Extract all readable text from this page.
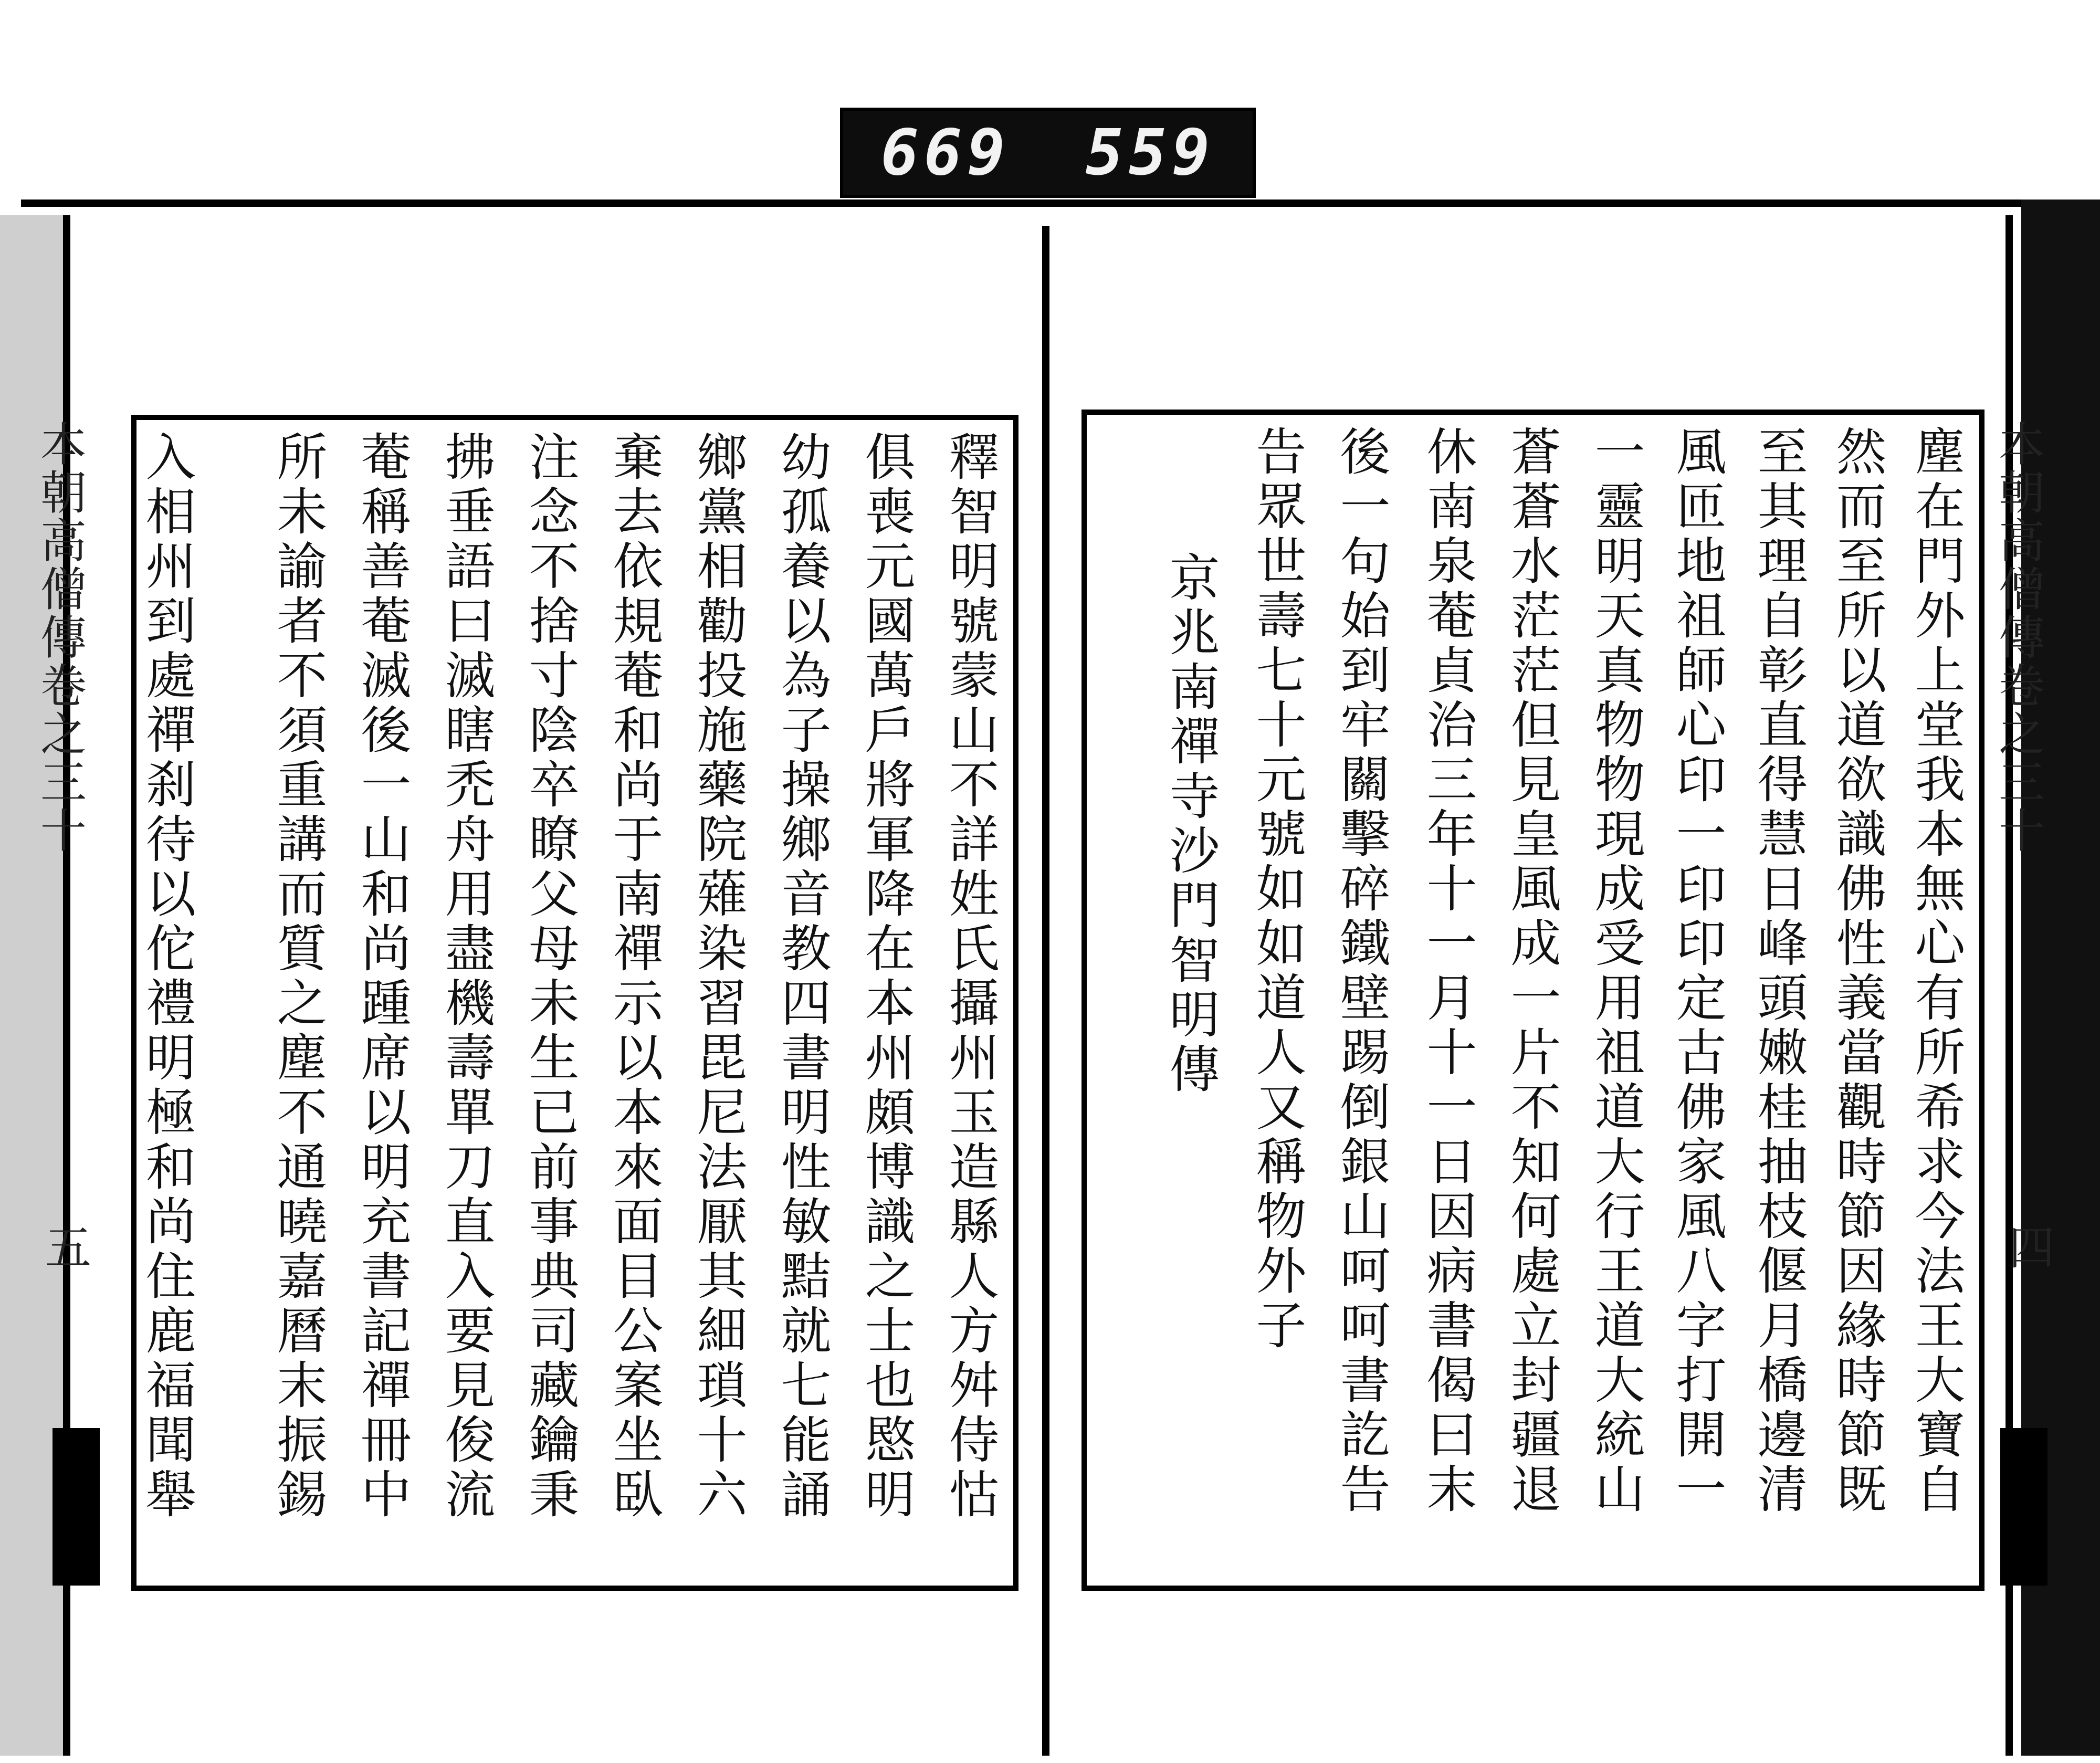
669 559
本朝高僧傳卷之三十
五	釋智明號蒙山不詳姓氏攝州玉造縣人方舛侍怙
俱喪元國萬戶將軍降在本州頗博識之士也愍明
幼孤養以為子操鄉音教四書明性敏黠就七能誦
鄉黨相勸投施藥院薙染習毘尼法厭其細瑣十六
棄去依規菴和尚于南禪示以本來面目公案坐臥
注念不捨寸陰卒瞭父母未生已前事典司藏鑰秉
拂垂語曰滅瞎禿舟用盡機壽單刀直入要見俊流
菴稱善菴滅後一山和尚踵席以明充書記禪冊中
所未諭者不須重講而質之塵不通曉嘉曆末振錫
入相州到處禪刹待以佗禮明極和尚住鹿福聞舉	本朝高僧傳卷之三十
四
塵在門外上堂我本無心有所希求今法王大寶自
然而至所以道欲識佛性義當觀時節因緣時節既
至其理自彰直得慧日峰頭嫩桂抽枝偃月橋邊清
風匝地祖師心印一印印定古佛家風八字打開一
一靈明天真物物現成受用祖道大行王道大統山
蒼蒼水茫茫但見皇風成一片不知何處立封疆退
休南泉菴貞治三年十一月十一日因病書偈曰末
後一句始到牢關擊碎鐵壁踢倒銀山呵呵書訖告
告眾世壽七十元號如如道人又稱物外子
京兆南禪寺沙門智明傳
